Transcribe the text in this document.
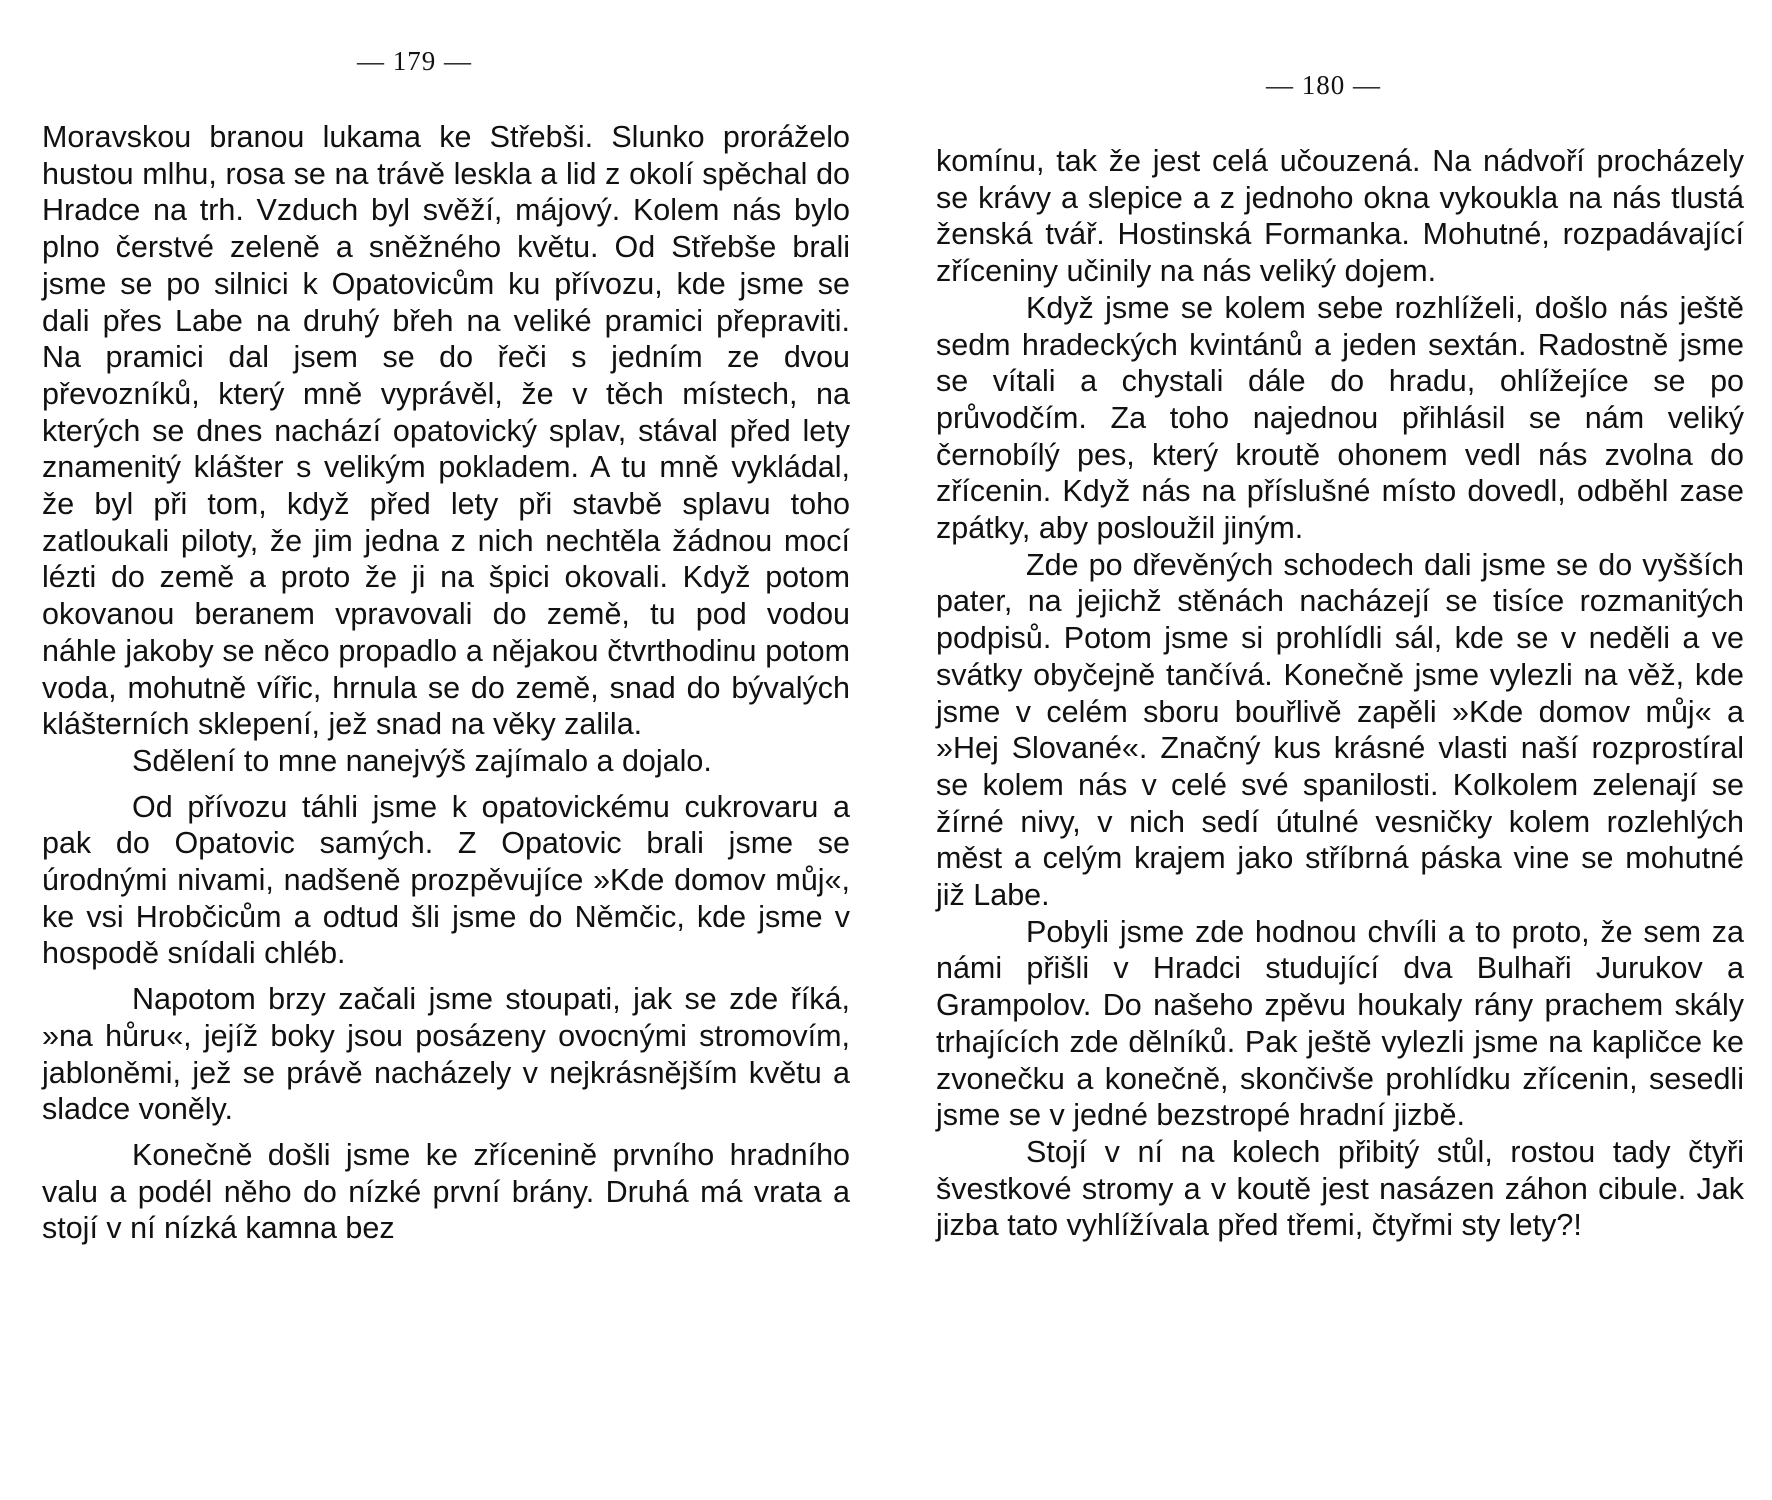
— 179 —

Moravskou branou lukama ke Střebši. Slunko proráželo hustou mlhu, rosa se na trávě leskla a lid z okolí spěchal do Hradce na trh. Vzduch byl svěží, májový. Kolem nás bylo plno čerstvé zeleně a sněžného květu. Od Střebše brali jsme se po silnici k Opatovicům ku přívozu, kde jsme se dali přes Labe na druhý břeh na veliké pramici přepraviti. Na pramici dal jsem se do řeči s jedním ze dvou převozníků, který mně vyprávěl, že v těch místech, na kterých se dnes nachází opatovický splav, stával před lety znamenitý klášter s velikým pokladem. A tu mně vykládal, že byl při tom, když před lety při stavbě splavu toho zatloukali piloty, že jim jedna z nich nechtěla žádnou mocí lézti do země a proto že ji na špici okovali. Když potom okovanou beranem vpravovali do země, tu pod vodou náhle jakoby se něco propadlo a nějakou čtvrthodinu potom voda, mohutně vířic, hrnula se do země, snad do bývalých klášterních sklepení, jež snad na věky zalila.

Sdělení to mne nanejvýš zajímalo a dojalo.

Od přívozu táhli jsme k opatovickému cukrovaru a pak do Opatovic samých. Z Opatovic brali jsme se úrodnými nivami, nadšeně prozpěvujíce »Kde domov můj«, ke vsi Hrobčicům a odtud šli jsme do Němčic, kde jsme v hospodě snídali chléb.

Napotom brzy začali jsme stoupati, jak se zde říká, »na hůru«, jejíž boky jsou posázeny ovocnými stromovím, jabloněmi, jež se právě nacházely v nejkrásnějším květu a sladce voněly.

Konečně došli jsme ke zřícenině prvního hradního valu a podél něho do nízké první brány. Druhá má vrata a stojí v ní nízká kamna bez

— 180 —

komínu, tak že jest celá učouzená. Na nádvoří procházely se krávy a slepice a z jednoho okna vykoukla na nás tlustá ženská tvář. Hostinská Formanka. Mohutné, rozpadávající zříceniny učinily na nás veliký dojem.

Když jsme se kolem sebe rozhlíželi, došlo nás ještě sedm hradeckých kvintánů a jeden sextán. Radostně jsme se vítali a chystali dále do hradu, ohlížejíce se po průvodčím. Za toho najednou přihlásil se nám veliký černobílý pes, který kroutě ohonem vedl nás zvolna do zřícenin. Když nás na příslušné místo dovedl, odběhl zase zpátky, aby posloužil jiným.

Zde po dřevěných schodech dali jsme se do vyšších pater, na jejichž stěnách nacházejí se tisíce rozmanitých podpisů. Potom jsme si prohlídli sál, kde se v neděli a ve svátky obyčejně tančívá. Konečně jsme vylezli na věž, kde jsme v celém sboru bouřlivě zapěli »Kde domov můj« a »Hej Slované«. Značný kus krásné vlasti naší rozprostíral se kolem nás v celé své spanilosti. Kolkolem zelenají se žírné nivy, v nich sedí útulné vesničky kolem rozlehlých měst a celým krajem jako stříbrná páska vine se mohutné již Labe.

Pobyli jsme zde hodnou chvíli a to proto, že sem za námi přišli v Hradci studující dva Bulhaři Jurukov a Grampolov. Do našeho zpěvu houkaly rány prachem skály trhajících zde dělníků. Pak ještě vylezli jsme na kapličce ke zvonečku a konečně, skončivše prohlídku zřícenin, sesedli jsme se v jedné bezstropé hradní jizbě.

Stojí v ní na kolech přibitý stůl, rostou tady čtyři švestkové stromy a v koutě jest nasázen záhon cibule. Jak jizba tato vyhlížívala před třemi, čtyřmi sty lety?!
